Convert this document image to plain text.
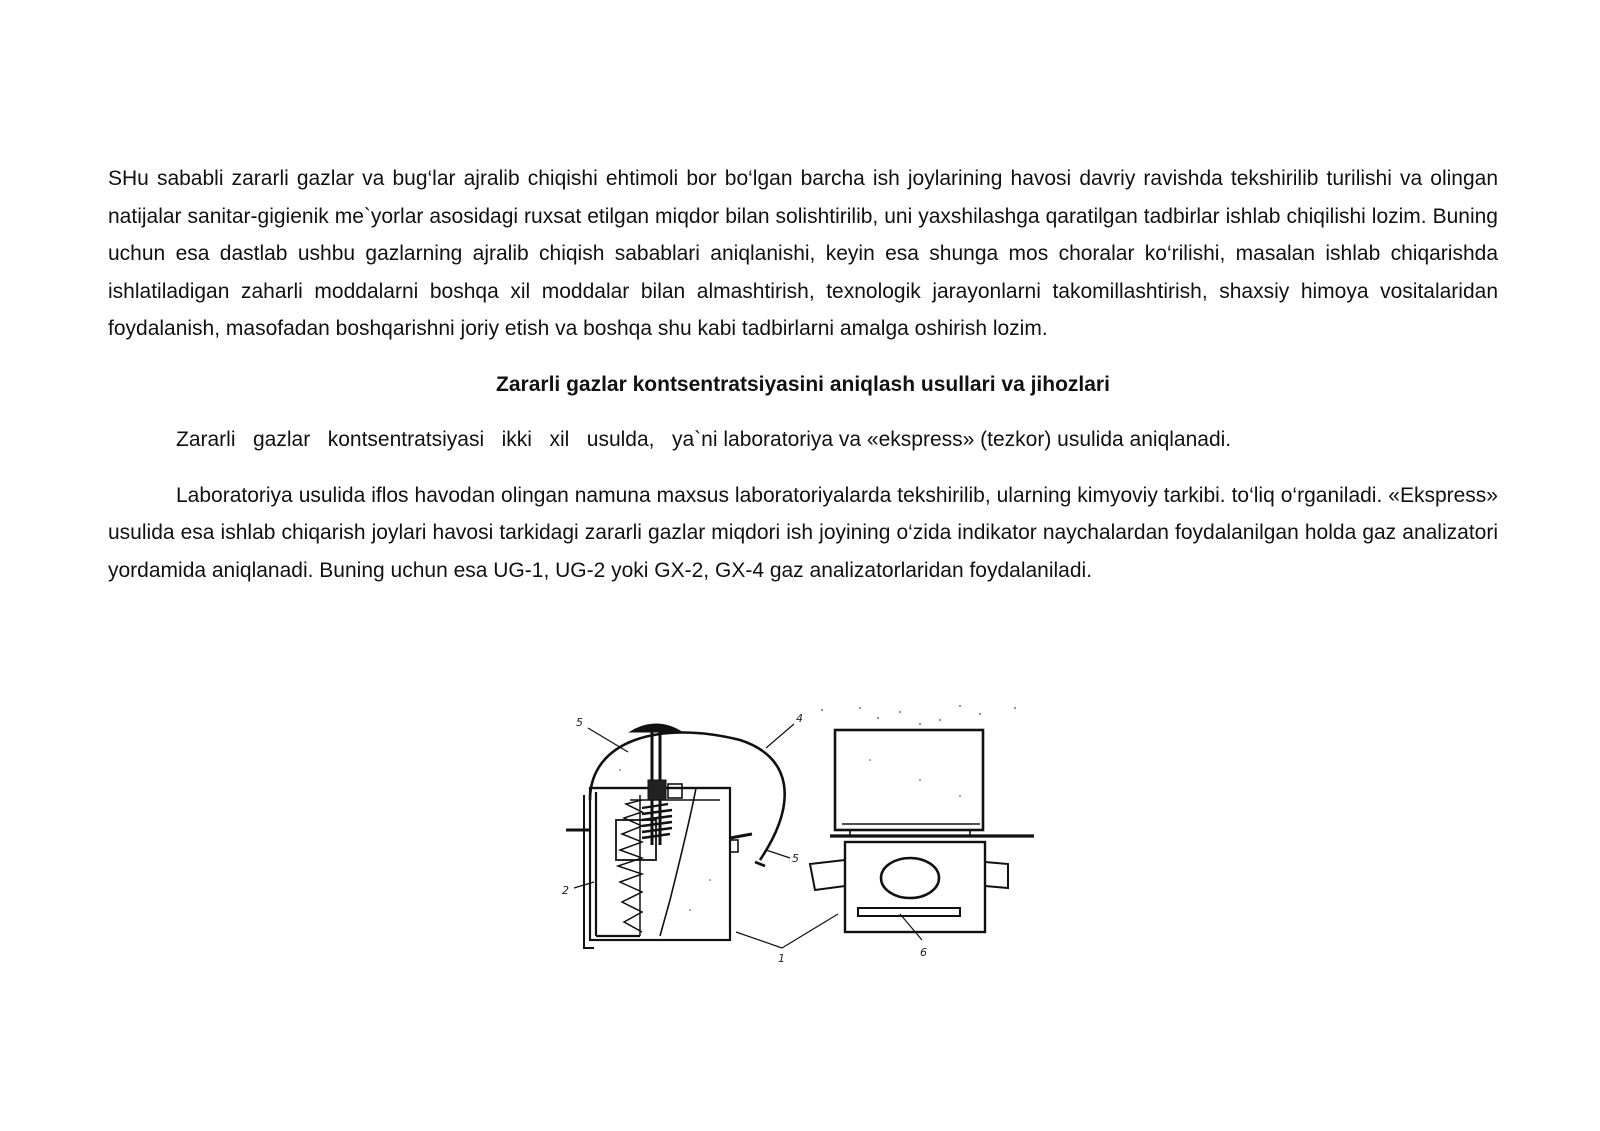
SHu sababli zararli gazlar va bug‘lar ajralib chiqishi ehtimoli bor bo‘lgan barcha ish joylarining havosi davriy ravishda tekshirilib turilishi va olingan natijalar sanitar-gigienik me`yorlar asosidagi ruxsat etilgan miqdor bilan solishtirilib, uni yaxshilashga qaratilgan tadbirlar ishlab chiqilishi lozim. Buning uchun esa dastlab ushbu gazlarning ajralib chiqish sabablari aniqlanishi, keyin esa shunga mos choralar ko‘rilishi, masalan ishlab chiqarishda ishlatiladigan zaharli moddalarni boshqa xil moddalar bilan almashtirish, texnologik jarayonlarni takomillashtirish, shaxsiy himoya vositalaridan foydalanish, masofadan boshqarishni joriy etish va boshqa shu kabi tadbirlarni amalga oshirish lozim.

Zararli gazlar kontsentratsiyasini aniqlash usullari va jihozlari

Zararli   gazlar   kontsentratsiyasi   ikki   xil   usulda,   ya`ni laboratoriya va «ekspress» (tezkor) usulida aniqlanadi.

Laboratoriya usulida iflos havodan olingan namuna maxsus laboratoriyalarda tekshirilib, ularning kimyoviy tarkibi. to‘liq o‘rganiladi. «Ekspress» usulida esa ishlab chiqarish joylari havosi tarkidagi zararli gazlar miqdori ish joyining o‘zida indikator naychalardan foydalanilgan holda gaz analizatori yordamida aniqlanadi. Buning uchun esa UG-1, UG-2 yoki GX-2, GX-4 gaz analizatorlaridan foydalaniladi.

5	4
5
2
1	6
